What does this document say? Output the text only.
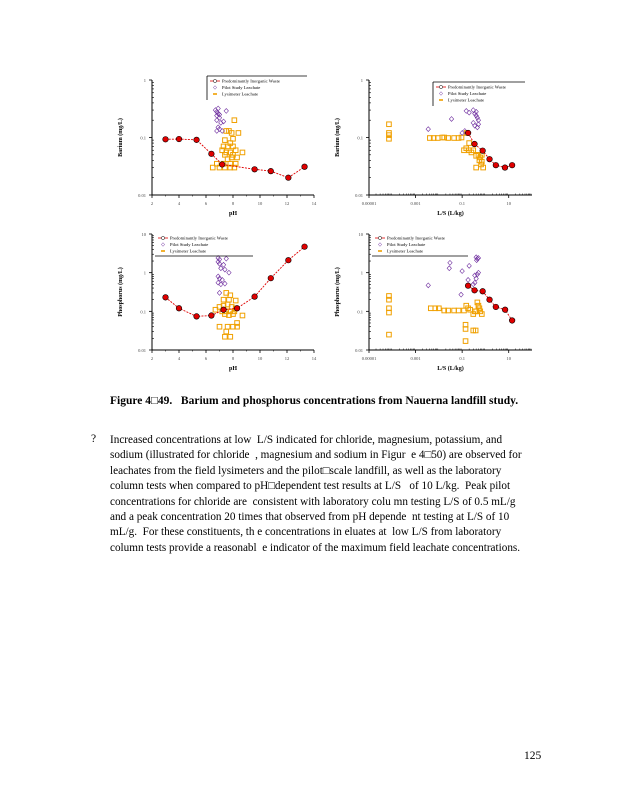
1
0.1
0.01
2	4	6	8	10	12	14
pH
Barium (mg/L)
Predominantly Inorganic Waste
Pilot Study Leachate
Lysimeter Leachate
1
0.1
0.01
0.00001	0.001	0.1	10
L/S (L/kg)
Barium (mg/L)
Predominantly Inorganic Waste
Pilot Study Leachate
Lysimeter Leachate
10
1
0.1
0.01
2	4	6	8	10	12	14
pH
Phosphorus (mg/L)
Predominantly Inorganic Waste
Pilot Study Leachate
Lysimeter Leachate
10
1
0.1
0.01
0.00001	0.001	0.1	10
L/S (L/kg)
Phosphorus (mg/L)
Predominantly Inorganic Waste
Pilot Study Leachate
Lysimeter Leachate
Figure 4□49.   Barium and phosphorus concentrations from Nauerna landfill study.
? Increased concentrations at low  L/S indicated for chloride, magnesium, potassium, and
sodium (illustrated for chloride  , magnesium and sodium in Figur  e 4□50) are observed for
leachates from the field lysimeters and the pilot□scale landfill, as well as the laboratory
column tests when compared to pH□dependent test results at L/S   of 10 L/kg.  Peak pilot
concentrations for chloride are  consistent with laboratory colu mn testing L/S of 0.5 mL/g
and a peak concentration 20 times that observed from pH depende  nt testing at L/S of 10
mL/g.  For these constituents, th e concentrations in eluates at  low L/S from laboratory
column tests provide a reasonabl  e indicator of the maximum field leachate concentrations.
125
